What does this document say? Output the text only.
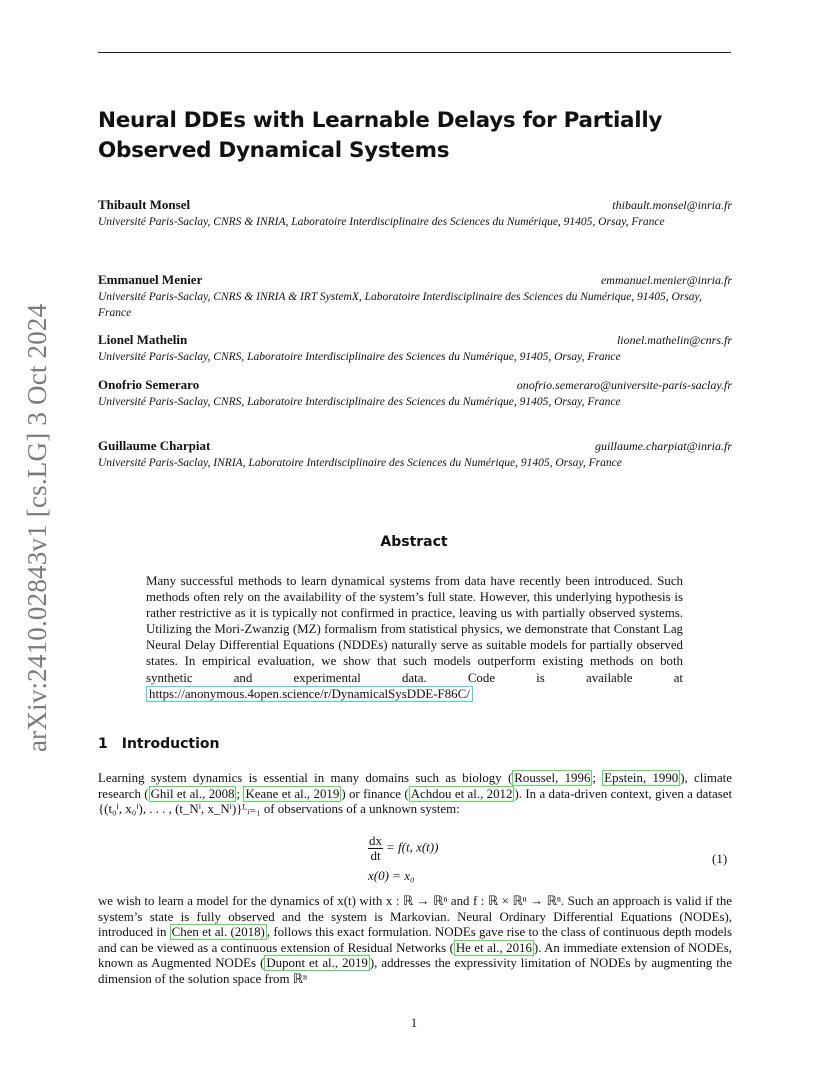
arXiv:2410.02843v1 [cs.LG] 3 Oct 2024
Neural DDEs with Learnable Delays for Partially Observed Dynamical Systems
Thibault Monsel	thibault.monsel@inria.fr
Université Paris-Saclay, CNRS & INRIA, Laboratoire Interdisciplinaire des Sciences du Numérique, 91405, Orsay, France
Emmanuel Menier	emmanuel.menier@inria.fr
Université Paris-Saclay, CNRS & INRIA & IRT SystemX, Laboratoire Interdisciplinaire des Sciences du Numérique, 91405, Orsay, France
Lionel Mathelin	lionel.mathelin@cnrs.fr
Université Paris-Saclay, CNRS, Laboratoire Interdisciplinaire des Sciences du Numérique, 91405, Orsay, France
Onofrio Semeraro	onofrio.semeraro@universite-paris-saclay.fr
Université Paris-Saclay, CNRS, Laboratoire Interdisciplinaire des Sciences du Numérique, 91405, Orsay, France
Guillaume Charpiat	guillaume.charpiat@inria.fr
Université Paris-Saclay, INRIA, Laboratoire Interdisciplinaire des Sciences du Numérique, 91405, Orsay, France
Abstract
Many successful methods to learn dynamical systems from data have recently been introduced. Such methods often rely on the availability of the system’s full state. However, this underlying hypothesis is rather restrictive as it is typically not confirmed in practice, leaving us with partially observed systems. Utilizing the Mori-Zwanzig (MZ) formalism from statistical physics, we demonstrate that Constant Lag Neural Delay Differential Equations (NDDEs) naturally serve as suitable models for partially observed states. In empirical evaluation, we show that such models outperform existing methods on both synthetic and experimental data. Code is available at https://anonymous.4open.science/r/DynamicalSysDDE-F86C/
1 Introduction
Learning system dynamics is essential in many domains such as biology ( Roussel, 1996 ; Epstein, 1990 ), climate research ( Ghil et al., 2008 ; Keane et al., 2019 ) or finance ( Achdou et al., 2012 ). In a data-driven context, given a dataset {(t₀ⁱ, x₀ⁱ), . . . , (t_Nⁱ, x_Nⁱ)}ᴸᵢ₌₁ of observations of a unknown system:
$\frac{dx}{dt} = f(t$, x(t))
x(0) = x₀
(1)
we wish to learn a model for the dynamics of x(t) with x : ℝ → ℝⁿ and f : ℝ × ℝⁿ → ℝⁿ. Such an approach is valid if the system’s state is fully observed and the system is Markovian. Neural Ordinary Differential Equations (NODEs), introduced in Chen et al. (2018) , follows this exact formulation. NODEs gave rise to the class of continuous depth models and can be viewed as a continuous extension of Residual Networks ( He et al., 2016 ). An immediate extension of NODEs, known as Augmented NODEs ( Dupont et al., 2019 ), addresses the expressivity limitation of NODEs by augmenting the dimension of the solution space from ℝⁿ
1
